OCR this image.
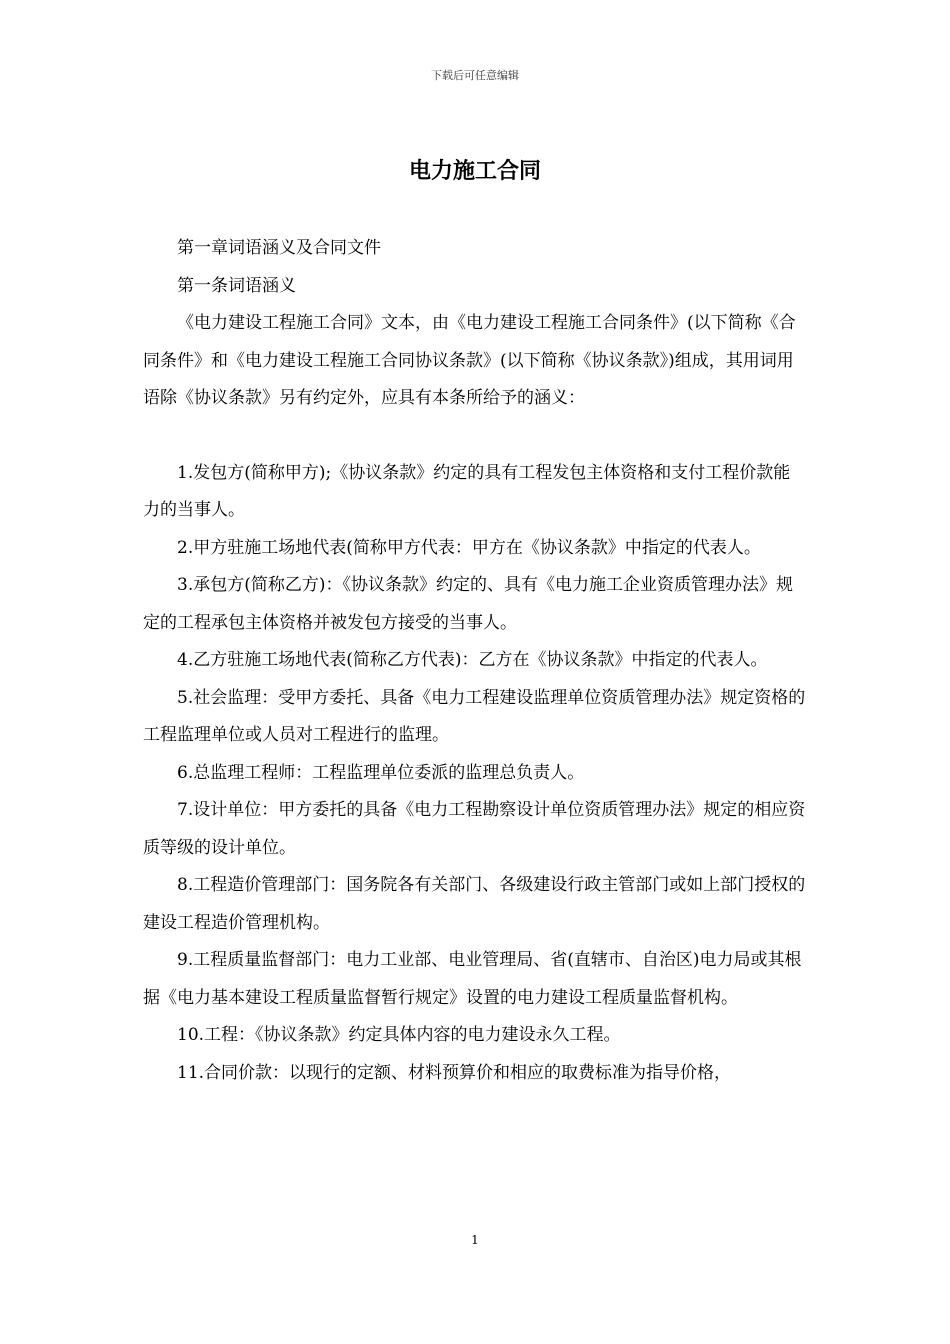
下载后可任意编辑
电力施工合同

第一章词语涵义及合同文件

第一条词语涵义

《电力建设工程施工合同》文本，由《电力建设工程施工合同条件》(以下简称《合同条件》和《电力建设工程施工合同协议条款》(以下简称《协议条款》)组成，其用词用语除《协议条款》另有约定外，应具有本条所给予的涵义：

1.发包方(简称甲方);《协议条款》约定的具有工程发包主体资格和支付工程价款能力的当事人。

2.甲方驻施工场地代表(简称甲方代表：甲方在《协议条款》中指定的代表人。

3.承包方(简称乙方)：《协议条款》约定的、具有《电力施工企业资质管理办法》规定的工程承包主体资格并被发包方接受的当事人。

4.乙方驻施工场地代表(简称乙方代表)：乙方在《协议条款》中指定的代表人。

5.社会监理：受甲方委托、具备《电力工程建设监理单位资质管理办法》规定资格的工程监理单位或人员对工程进行的监理。

6.总监理工程师：工程监理单位委派的监理总负责人。

7.设计单位：甲方委托的具备《电力工程勘察设计单位资质管理办法》规定的相应资质等级的设计单位。

8.工程造价管理部门：国务院各有关部门、各级建设行政主管部门或如上部门授权的建设工程造价管理机构。

9.工程质量监督部门：电力工业部、电业管理局、省(直辖市、自治区)电力局或其根据《电力基本建设工程质量监督暂行规定》设置的电力建设工程质量监督机构。

10.工程：《协议条款》约定具体内容的电力建设永久工程。

11.合同价款：以现行的定额、材料预算价和相应的取费标准为指导价格，

1
